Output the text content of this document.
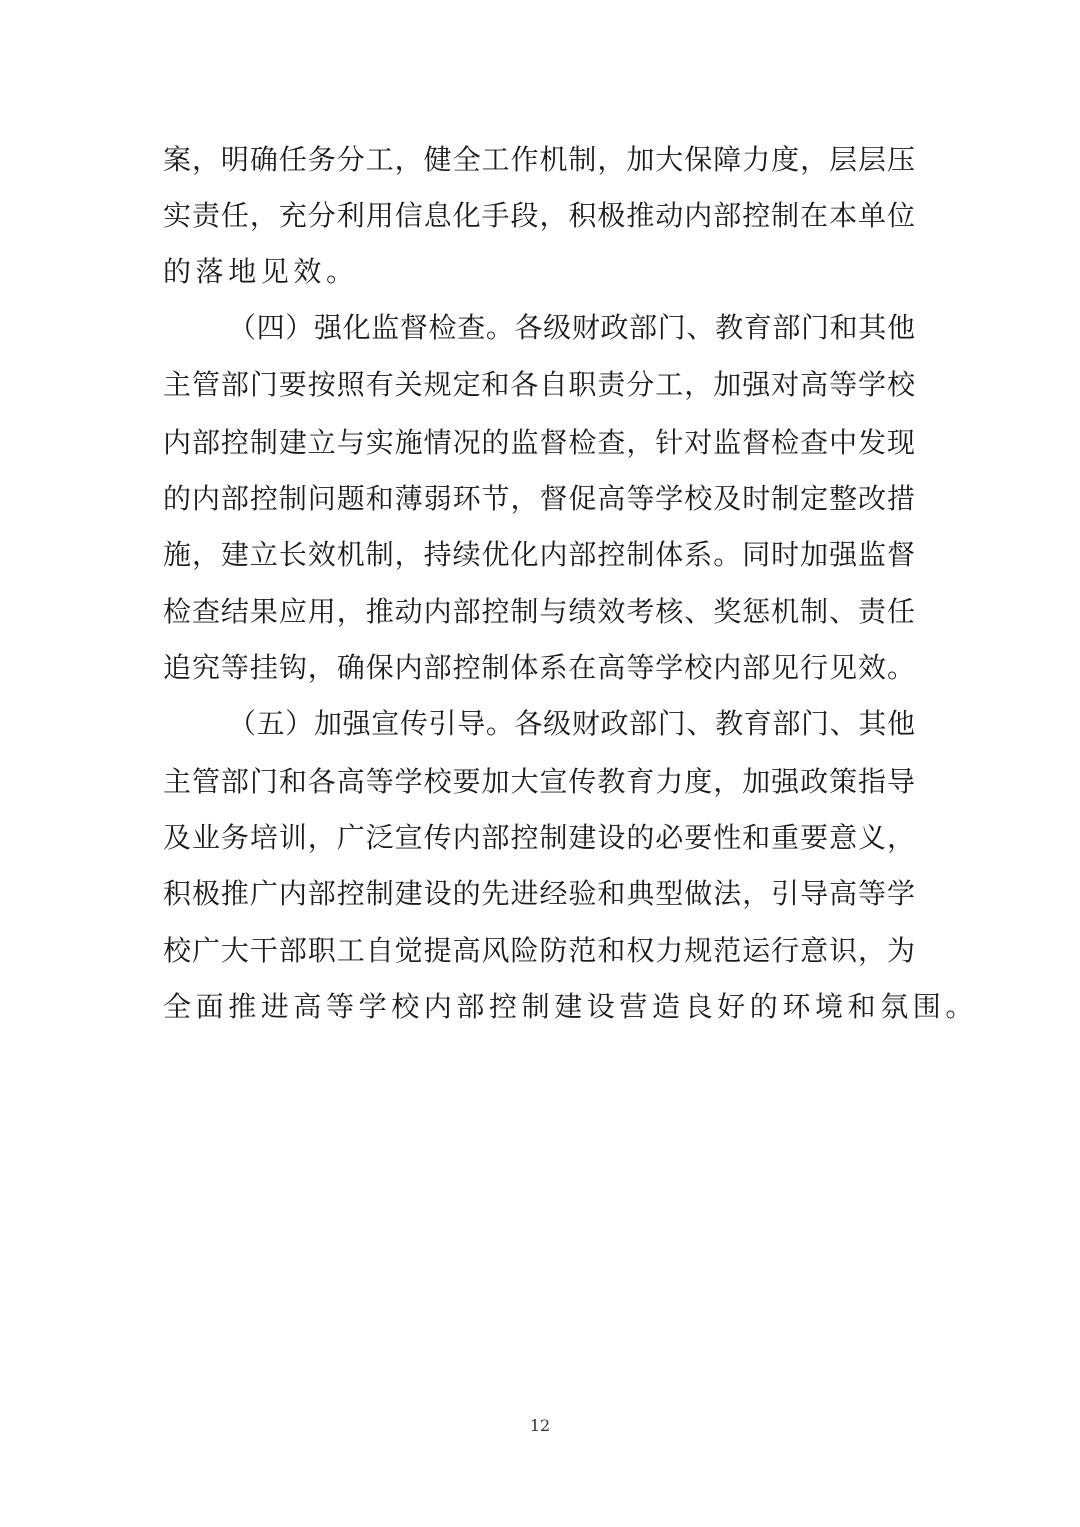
案，明确任务分工，健全工作机制，加大保障力度，层层压
实责任，充分利用信息化手段，积极推动内部控制在本单位
的落地见效。
（四）强化监督检查。各级财政部门、教育部门和其他
主管部门要按照有关规定和各自职责分工，加强对高等学校
内部控制建立与实施情况的监督检查，针对监督检查中发现
的内部控制问题和薄弱环节，督促高等学校及时制定整改措
施，建立长效机制，持续优化内部控制体系。同时加强监督
检查结果应用，推动内部控制与绩效考核、奖惩机制、责任
追究等挂钩，确保内部控制体系在高等学校内部见行见效。
（五）加强宣传引导。各级财政部门、教育部门、其他
主管部门和各高等学校要加大宣传教育力度，加强政策指导
及业务培训，广泛宣传内部控制建设的必要性和重要意义，
积极推广内部控制建设的先进经验和典型做法，引导高等学
校广大干部职工自觉提高风险防范和权力规范运行意识，为
全面推进高等学校内部控制建设营造良好的环境和氛围。
12
